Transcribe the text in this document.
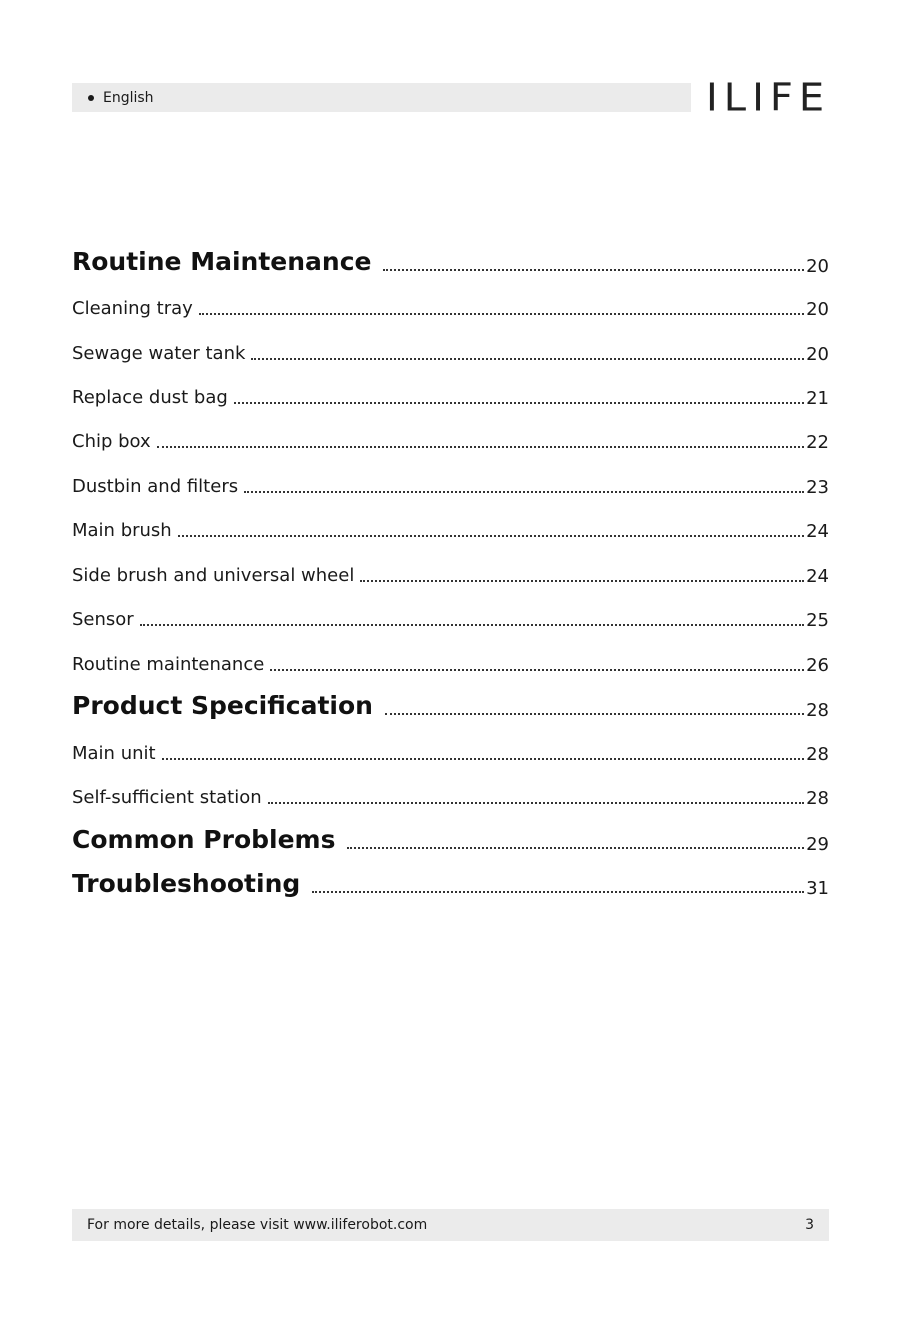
English	ILIFE
Routine Maintenance	20
Cleaning tray	20
Sewage water tank	20
Replace dust bag	21
Chip box	22
Dustbin and filters	23
Main brush	24
Side brush and universal wheel	24
Sensor	25
Routine maintenance	26
Product Specification	28
Main unit	28
Self-sufficient station	28
Common Problems	29
Troubleshooting	31
For more details, please visit www.iliferobot.com	3
